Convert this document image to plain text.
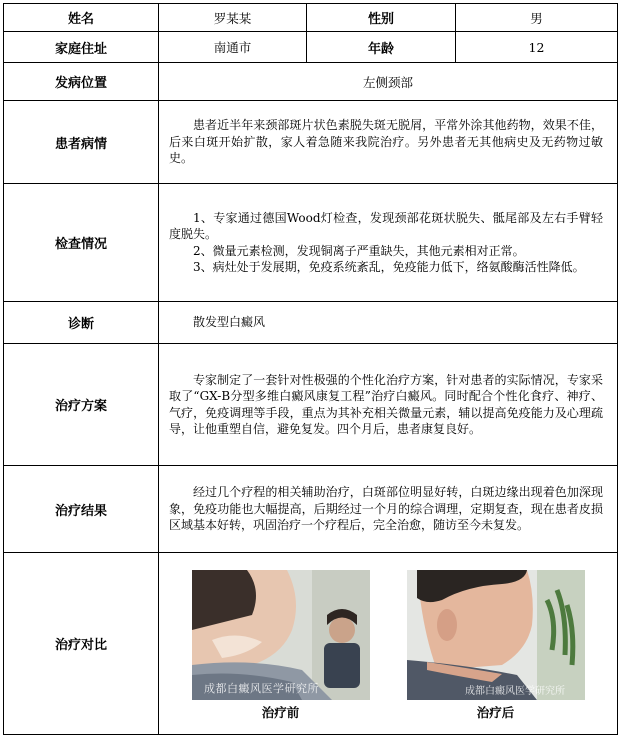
姓名	罗某某	性别	男
家庭住址	南通市	年龄	12
发病位置	左侧颈部		
患者病情	患者近半年来颈部斑片状色素脱失斑无脱屑，平常外涂其他药物，效果不佳，后来白斑开始扩散，家人着急随来我院治疗。另外患者无其他病史及无药物过敏史。		

检查情况	1、专家通过德国Wood灯检查，发现颈部花斑状脱失、骶尾部及左右手臂轻度脱失。

2、微量元素检测，发现铜离子严重缺失，其他元素相对正常。

3、病灶处于发展期，免疫系统紊乱，免疫能力低下，络氨酸酶活性降低。		

诊断	散发型白癜风		

治疗方案	专家制定了一套针对性极强的个性化治疗方案，针对患者的实际情况，专家采取了“GX-B分型多维白癜风康复工程”治疗白癜风。同时配合个性化食疗、神疗、气疗，免疫调理等手段，重点为其补充相关微量元素，辅以提高免疫能力及心理疏导，让他重塑自信，避免复发。四个月后，患者康复良好。		

治疗结果	经过几个疗程的相关辅助治疗，白斑部位明显好转，白斑边缘出现着色加深现象，免疫功能也大幅提高，后期经过一个月的综合调理，定期复查，现在患者皮损区域基本好转，巩固治疗一个疗程后，完全治愈，随访至今未复发。		

治疗对比	成都白癜风医学研究所
治疗前
成都白癜风医学研究所
治疗后		
